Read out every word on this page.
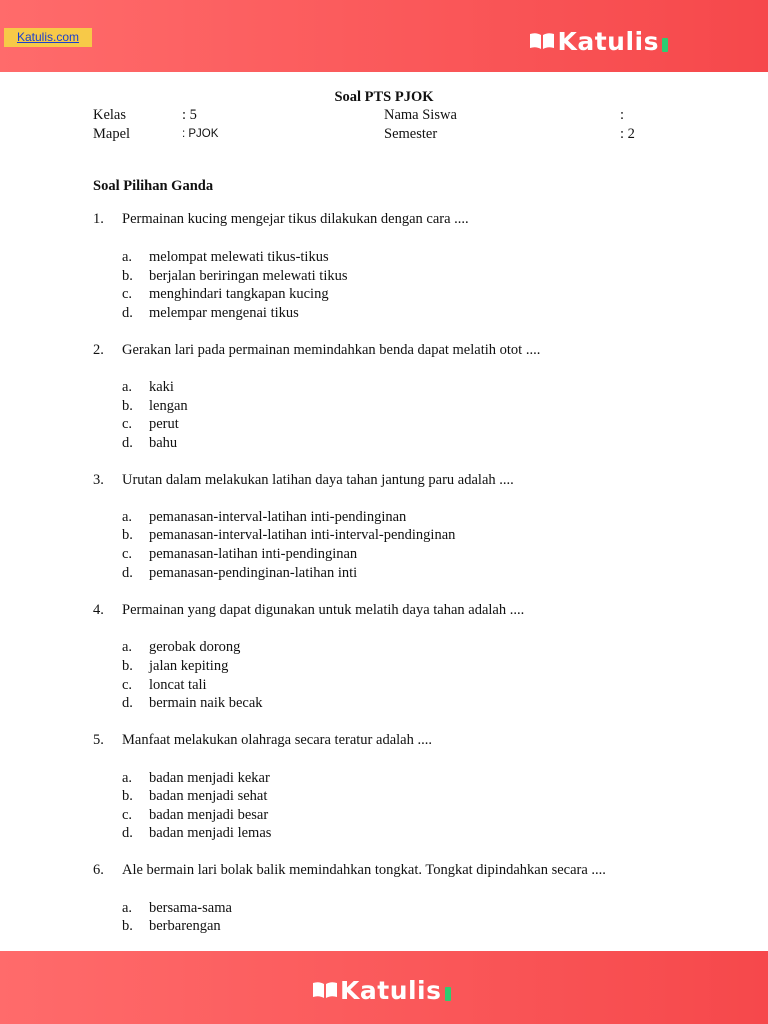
Katulis.com	Katulis
Soal PTS PJOK
Kelas	: 5
Mapel	: PJOK
Nama Siswa	:
Semester	: 2
Soal Pilihan Ganda
1. Permainan kucing mengejar tikus dilakukan dengan cara ....
a. melompat melewati tikus-tikus
b. berjalan beriringan melewati tikus
c. menghindari tangkapan kucing
d. melempar mengenai tikus
2. Gerakan lari pada permainan memindahkan benda dapat melatih otot ....
a. kaki
b. lengan
c. perut
d. bahu
3. Urutan dalam melakukan latihan daya tahan jantung paru adalah ....
a. pemanasan-interval-latihan inti-pendinginan
b. pemanasan-interval-latihan inti-interval-pendinginan
c. pemanasan-latihan inti-pendinginan
d. pemanasan-pendinginan-latihan inti
4. Permainan yang dapat digunakan untuk melatih daya tahan adalah ....
a. gerobak dorong
b. jalan kepiting
c. loncat tali
d. bermain naik becak
5. Manfaat melakukan olahraga secara teratur adalah ....
a. badan menjadi kekar
b. badan menjadi sehat
c. badan menjadi besar
d. badan menjadi lemas
6. Ale bermain lari bolak balik memindahkan tongkat. Tongkat dipindahkan secara ....
a. bersama-sama
b. berbarengan
Katulis
